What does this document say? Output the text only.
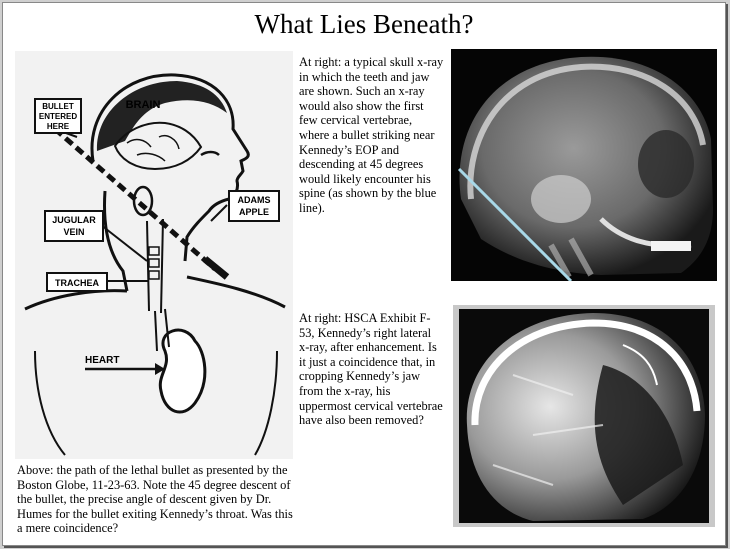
What Lies Beneath?
BULLET
ENTERED
HERE
BRAIN
ADAMS
APPLE
JUGULAR
VEIN
TRACHEA
HEART
At right: a typical skull x-ray in which the teeth and jaw are shown. Such an x-ray would also show the first few cervical vertebrae, where a bullet striking near Kennedy’s EOP and descending at 45 degrees would likely encounter his spine (as shown by the blue line).
At right: HSCA Exhibit F-53, Kennedy’s right lateral x-ray, after enhancement. Is it just a coincidence that, in cropping Kennedy’s jaw from the x-ray, his uppermost cervical vertebrae have also been removed?
Above: the path of the lethal bullet as presented by the Boston Globe, 11-23-63. Note the 45 degree descent of the bullet, the precise angle of descent given by Dr. Humes for the bullet exiting Kennedy’s throat. Was this a mere coincidence?
